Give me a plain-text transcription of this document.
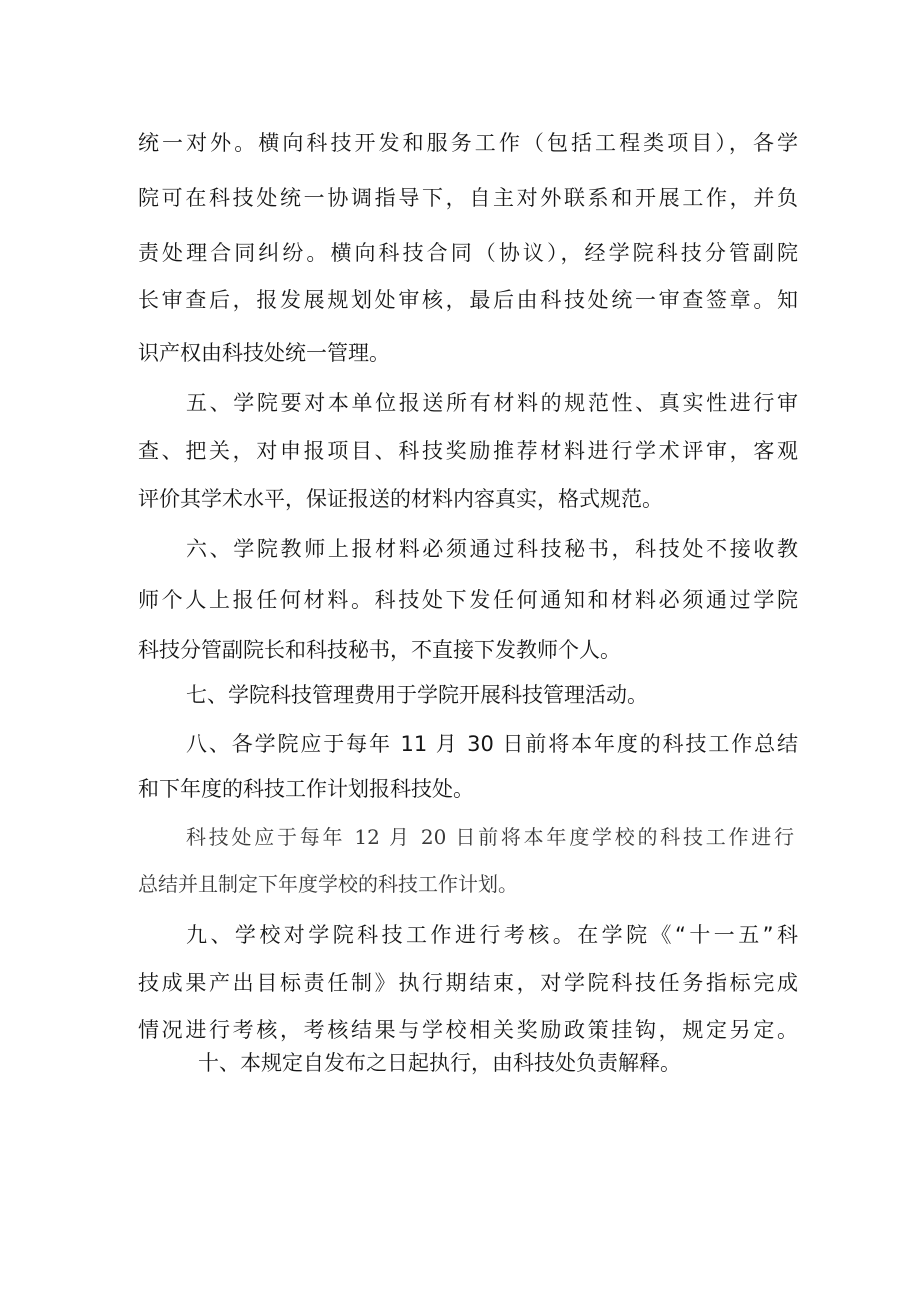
统一对外。横向科技开发和服务工作（包括工程类项目），各学
院可在科技处统一协调指导下，自主对外联系和开展工作，并负
责处理合同纠纷。横向科技合同（协议），经学院科技分管副院
长审查后，报发展规划处审核，最后由科技处统一审查签章。知
识产权由科技处统一管理。
五、学院要对本单位报送所有材料的规范性、真实性进行审
查、把关，对申报项目、科技奖励推荐材料进行学术评审，客观
评价其学术水平，保证报送的材料内容真实，格式规范。
六、学院教师上报材料必须通过科技秘书，科技处不接收教
师个人上报任何材料。科技处下发任何通知和材料必须通过学院
科技分管副院长和科技秘书，不直接下发教师个人。
七、学院科技管理费用于学院开展科技管理活动。
八、各学院应于每年 11 月 30 日前将本年度的科技工作总结
和下年度的科技工作计划报科技处。
科技处应于每年 12 月 20 日前将本年度学校的科技工作进行
总结并且制定下年度学校的科技工作计划。
九、学校对学院科技工作进行考核。在学院《“十一五”科
技成果产出目标责任制》执行期结束，对学院科技任务指标完成
情况进行考核，考核结果与学校相关奖励政策挂钩，规定另定。
十、本规定自发布之日起执行，由科技处负责解释。
